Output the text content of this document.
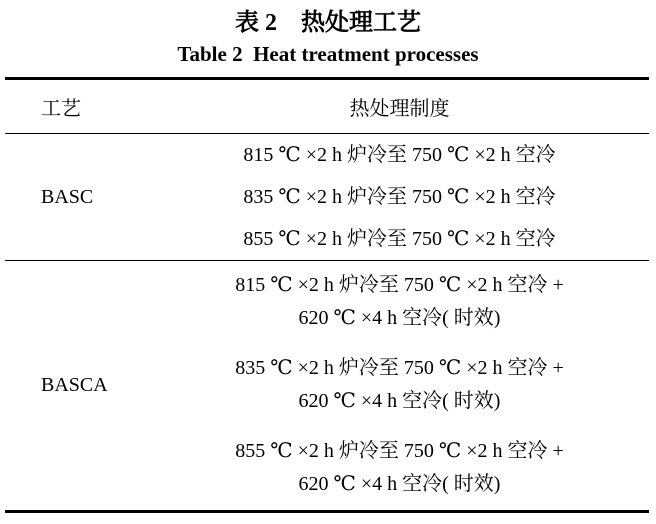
表 2　热处理工艺
Table 2  Heat treatment processes
工艺	热处理制度
BASC
815 ℃ ×2 h 炉冷至 750 ℃ ×2 h 空冷
835 ℃ ×2 h 炉冷至 750 ℃ ×2 h 空冷
855 ℃ ×2 h 炉冷至 750 ℃ ×2 h 空冷
BASCA
815 ℃ ×2 h 炉冷至 750 ℃ ×2 h 空冷 +
620 ℃ ×4 h 空冷( 时效)
835 ℃ ×2 h 炉冷至 750 ℃ ×2 h 空冷 +
620 ℃ ×4 h 空冷( 时效)
855 ℃ ×2 h 炉冷至 750 ℃ ×2 h 空冷 +
620 ℃ ×4 h 空冷( 时效)
